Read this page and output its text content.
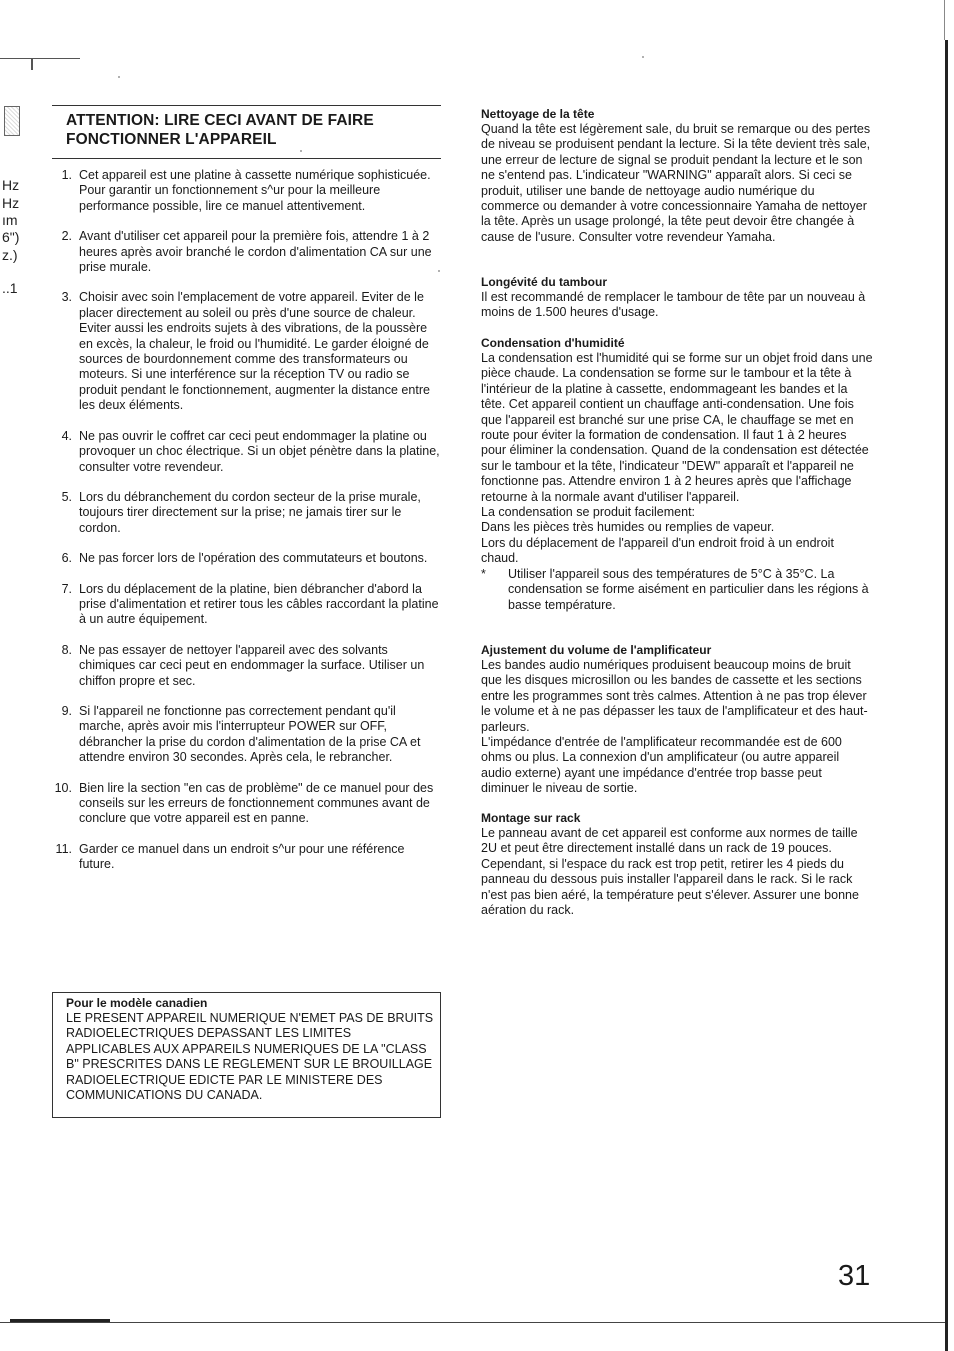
Hz
Hz
ım
6")
z.)
..1
ATTENTION: LIRE CECI AVANT DE FAIRE FONCTIONNER L'APPAREIL
1. Cet appareil est une platine à cassette numérique sophisticuée. Pour garantir un fonctionnement s^ur pour la meilleure performance possible, lire ce manuel attentivement.
2. Avant d'utiliser cet appareil pour la première fois, attendre 1 à 2 heures après avoir branché le cordon d'alimentation CA sur une prise murale.
3. Choisir avec soin l'emplacement de votre appareil. Eviter de le placer directement au soleil ou près d'une source de chaleur. Eviter aussi les endroits sujets à des vibrations, de la poussère en excès, la chaleur, le froid ou l'humidité. Le garder éloigné de sources de bourdonnement comme des transformateurs ou moteurs. Si une interférence sur la réception TV ou radio se produit pendant le fonctionnement, augmenter la distance entre les deux éléments.
4. Ne pas ouvrir le coffret car ceci peut endommager la platine ou provoquer un choc électrique. Si un objet pénètre dans la platine, consulter votre revendeur.
5. Lors du débranchement du cordon secteur de la prise murale, toujours tirer directement sur la prise; ne jamais tirer sur le cordon.
6. Ne pas forcer lors de l'opération des commutateurs et boutons.
7. Lors du déplacement de la platine, bien débrancher d'abord la prise d'alimentation et retirer tous les câbles raccordant la platine à un autre équipement.
8. Ne pas essayer de nettoyer l'appareil avec des solvants chimiques car ceci peut en endommager la surface. Utiliser un chiffon propre et sec.
9. Si l'appareil ne fonctionne pas correctement pendant qu'il marche, après avoir mis l'interrupteur POWER sur OFF, débrancher la prise du cordon d'alimentation de la prise CA et attendre environ 30 secondes. Après cela, le rebrancher.
10. Bien lire la section "en cas de problème" de ce manuel pour des conseils sur les erreurs de fonctionnement communes avant de conclure que votre appareil est en panne.
11. Garder ce manuel dans un endroit s^ur pour une référence future.
Nettoyage de la tête

Quand la tête est légèrement sale, du bruit se remarque ou des pertes de niveau se produisent pendant la lecture. Si la tête devient très sale, une erreur de lecture de signal se produit pendant la lecture et le son ne s'entend pas. L'indicateur "WARNING" apparaît alors. Si ceci se produit, utiliser une bande de nettoyage audio numérique du commerce ou demander à votre concessionnaire Yamaha de nettoyer la tête. Après un usage prolongé, la tête peut devoir être changée à cause de l'usure. Consulter votre revendeur Yamaha.

Longévité du tambour

Il est recommandé de remplacer le tambour de tête par un nouveau à moins de 1.500 heures d'usage.

Condensation d'humidité

La condensation est l'humidité qui se forme sur un objet froid dans une pièce chaude. La condensation se forme sur le tambour et la tête à l'intérieur de la platine à cassette, endommageant les bandes et la tête. Cet appareil contient un chauffage anti-condensation. Une fois que l'appareil est branché sur une prise CA, le chauffage se met en route pour éviter la formation de condensation. Il faut 1 à 2 heures pour éliminer la condensation. Quand de la condensation est détectée sur le tambour et la tête, l'indicateur "DEW" apparaît et l'appareil ne fonctionne pas. Attendre environ 1 à 2 heures après que l'affichage retourne à la normale avant d'utiliser l'appareil.

La condensation se produit facilement:

Dans les pièces très humides ou remplies de vapeur.

Lors du déplacement de l'appareil d'un endroit froid à un endroit chaud.

* Utiliser l'appareil sous des températures de 5°C à 35°C. La condensation se forme aisément en particulier dans les régions à basse température.
Ajustement du volume de l'amplificateur

Les bandes audio numériques produisent beaucoup moins de bruit que les disques microsillon ou les bandes de cassette et les sections entre les programmes sont très calmes. Attention à ne pas trop élever le volume et à ne pas dépasser les taux de l'amplificateur et des haut-parleurs.

L'impédance d'entrée de l'amplificateur recommandée est de 600 ohms ou plus. La connexion d'un amplificateur (ou autre appareil audio externe) ayant une impédance d'entrée trop basse peut diminuer le niveau de sortie.

Montage sur rack

Le panneau avant de cet appareil est conforme aux normes de taille 2U et peut être directement installé dans un rack de 19 pouces. Cependant, si l'espace du rack est trop petit, retirer les 4 pieds du panneau du dessous puis installer l'appareil dans le rack. Si le rack n'est pas bien aéré, la température peut s'élever. Assurer une bonne aération du rack.

Pour le modèle canadien

LE PRESENT APPAREIL NUMERIQUE N'EMET PAS DE BRUITS RADIOELECTRIQUES DEPASSANT LES LIMITES APPLICABLES AUX APPAREILS NUMERIQUES DE LA "CLASS B" PRESCRITES DANS LE REGLEMENT SUR LE BROUILLAGE RADIOELECTRIQUE EDICTE PAR LE MINISTERE DES COMMUNICATIONS DU CANADA.

31
